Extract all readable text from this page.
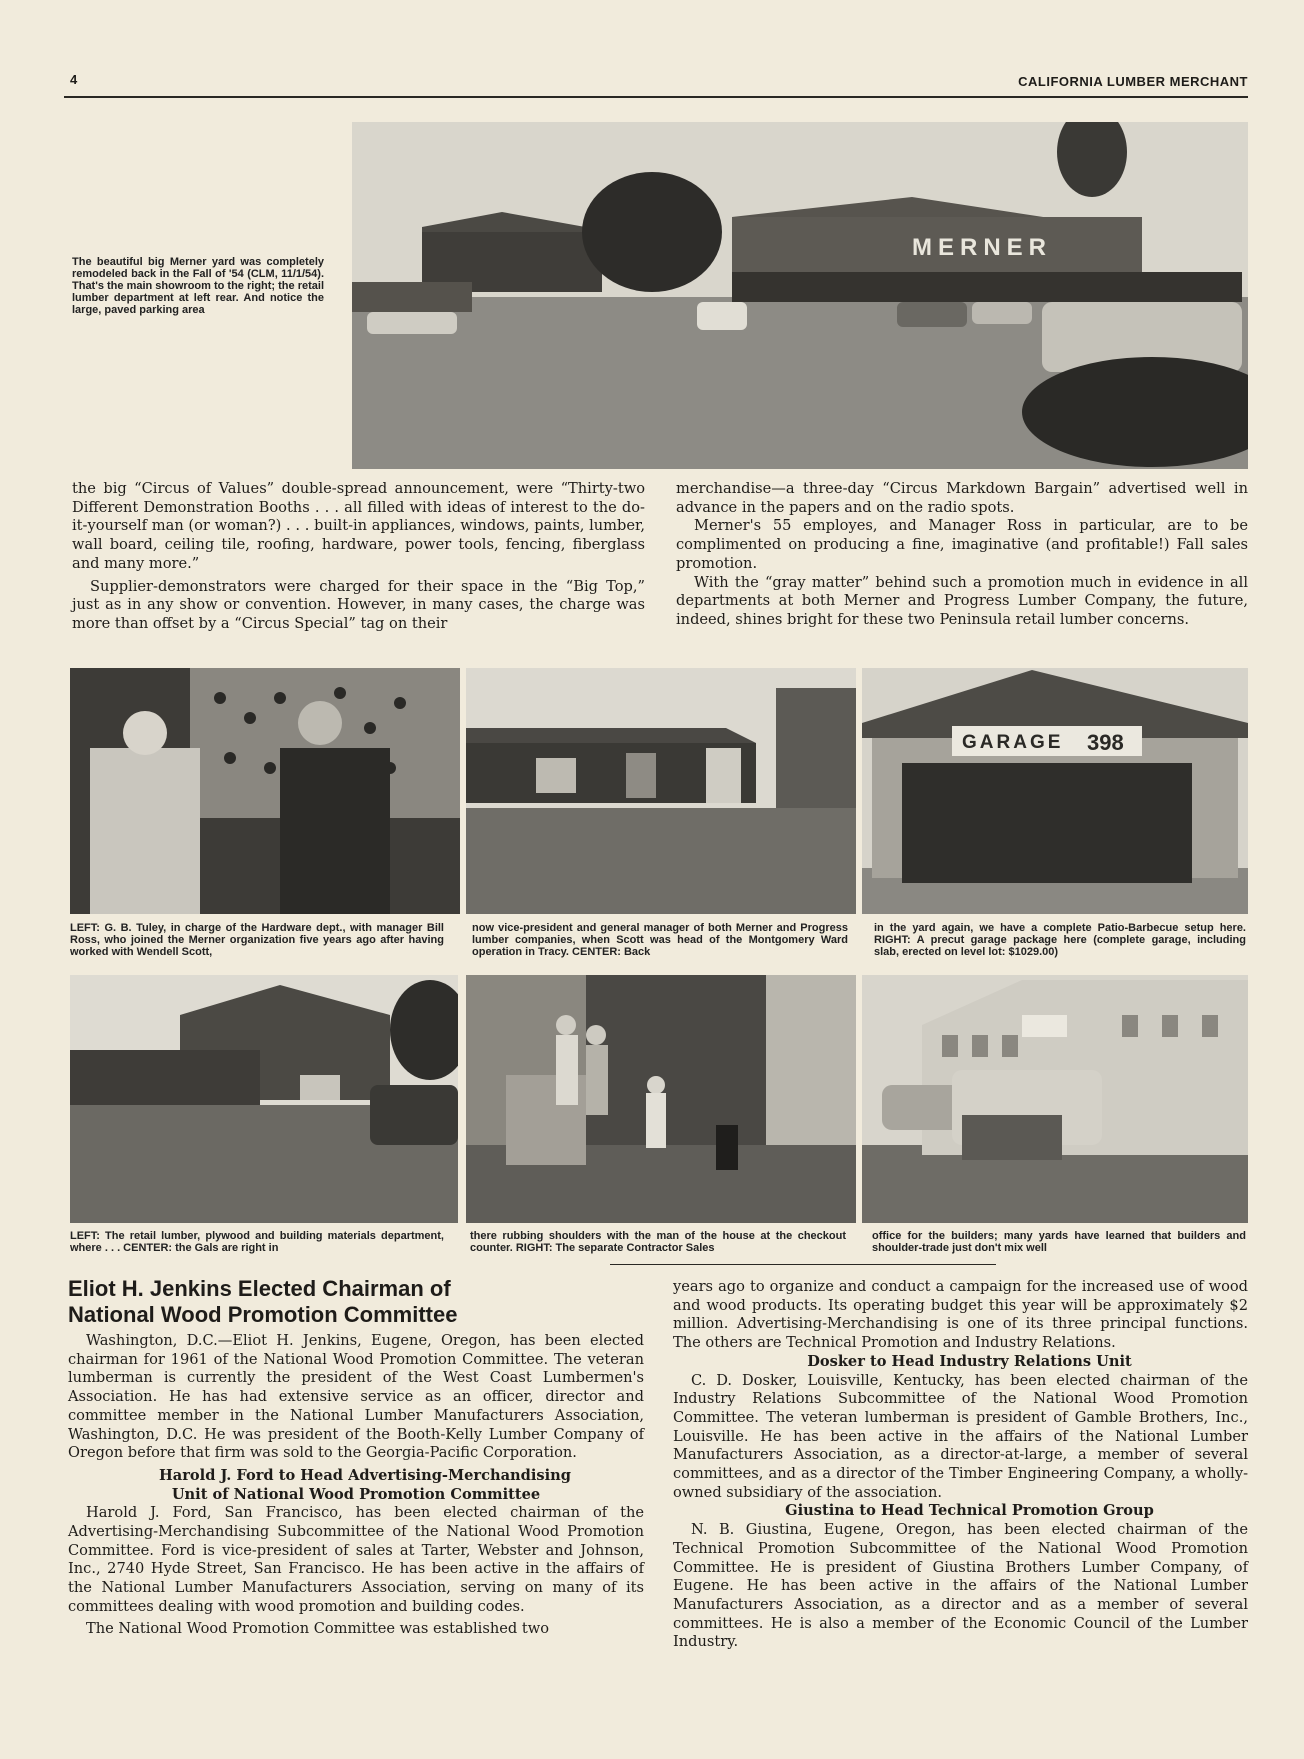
4	CALIFORNIA LUMBER MERCHANT
The beautiful big Merner yard was completely remodeled back in the Fall of '54 (CLM, 11/1/54). That's the main showroom to the right; the retail lumber department at left rear. And notice the large, paved parking area
MERNER

the big “Circus of Values” double-spread announcement, were “Thirty-two Different Demonstration Booths . . . all filled with ideas of interest to the do-it-yourself man (or woman?) . . . built-in appliances, windows, paints, lumber, wall board, ceiling tile, roofing, hardware, power tools, fencing, fiberglass and many more.”

Supplier-demonstrators were charged for their space in the “Big Top,” just as in any show or convention. However, in many cases, the charge was more than offset by a “Circus Special” tag on their

merchandise—a three-day “Circus Markdown Bargain” advertised well in advance in the papers and on the radio spots.

Merner's 55 employes, and Manager Ross in particular, are to be complimented on producing a fine, imaginative (and profitable!) Fall sales promotion.

With the “gray matter” behind such a promotion much in evidence in all departments at both Merner and Progress Lumber Company, the future, indeed, shines bright for these two Peninsula retail lumber concerns.

GARAGE 398
LEFT: G. B. Tuley, in charge of the Hardware dept., with manager Bill Ross, who joined the Merner organization five years ago after having worked with Wendell Scott,
now vice-president and general manager of both Merner and Progress lumber companies, when Scott was head of the Montgomery Ward operation in Tracy. CENTER: Back
in the yard again, we have a complete Patio-Barbecue setup here. RIGHT: A precut garage package here (complete garage, including slab, erected on level lot: $1029.00)
LEFT: The retail lumber, plywood and building materials department, where . . . CENTER: the Gals are right in
there rubbing shoulders with the man of the house at the checkout counter. RIGHT: The separate Contractor Sales
office for the builders; many yards have learned that builders and shoulder-trade just don't mix well
Eliot H. Jenkins Elected Chairman of
National Wood Promotion Committee

Washington, D.C.—Eliot H. Jenkins, Eugene, Oregon, has been elected chairman for 1961 of the National Wood Promotion Committee. The veteran lumberman is currently the president of the West Coast Lumbermen's Association. He has had extensive service as an officer, director and committee member in the National Lumber Manufacturers Association, Washington, D.C. He was president of the Booth-Kelly Lumber Company of Oregon before that firm was sold to the Georgia-Pacific Corporation.

Harold J. Ford to Head Advertising-Merchandising
Unit of National Wood Promotion Committee

Harold J. Ford, San Francisco, has been elected chairman of the Advertising-Merchandising Subcommittee of the National Wood Promotion Committee. Ford is vice-president of sales at Tarter, Webster and Johnson, Inc., 2740 Hyde Street, San Francisco. He has been active in the affairs of the National Lumber Manufacturers Association, serving on many of its committees dealing with wood promotion and building codes.

The National Wood Promotion Committee was established two

years ago to organize and conduct a campaign for the increased use of wood and wood products. Its operating budget this year will be approximately $2 million. Advertising-Merchandising is one of its three principal functions. The others are Technical Promotion and Industry Relations.

Dosker to Head Industry Relations Unit

C. D. Dosker, Louisville, Kentucky, has been elected chairman of the Industry Relations Subcommittee of the National Wood Promotion Committee. The veteran lumberman is president of Gamble Brothers, Inc., Louisville. He has been active in the affairs of the National Lumber Manufacturers Association, as a director-at-large, a member of several committees, and as a director of the Timber Engineering Company, a wholly-owned subsidiary of the association.

Giustina to Head Technical Promotion Group

N. B. Giustina, Eugene, Oregon, has been elected chairman of the Technical Promotion Subcommittee of the National Wood Promotion Committee. He is president of Giustina Brothers Lumber Company, of Eugene. He has been active in the affairs of the National Lumber Manufacturers Association, as a director and as a member of several committees. He is also a member of the Economic Council of the Lumber Industry.
